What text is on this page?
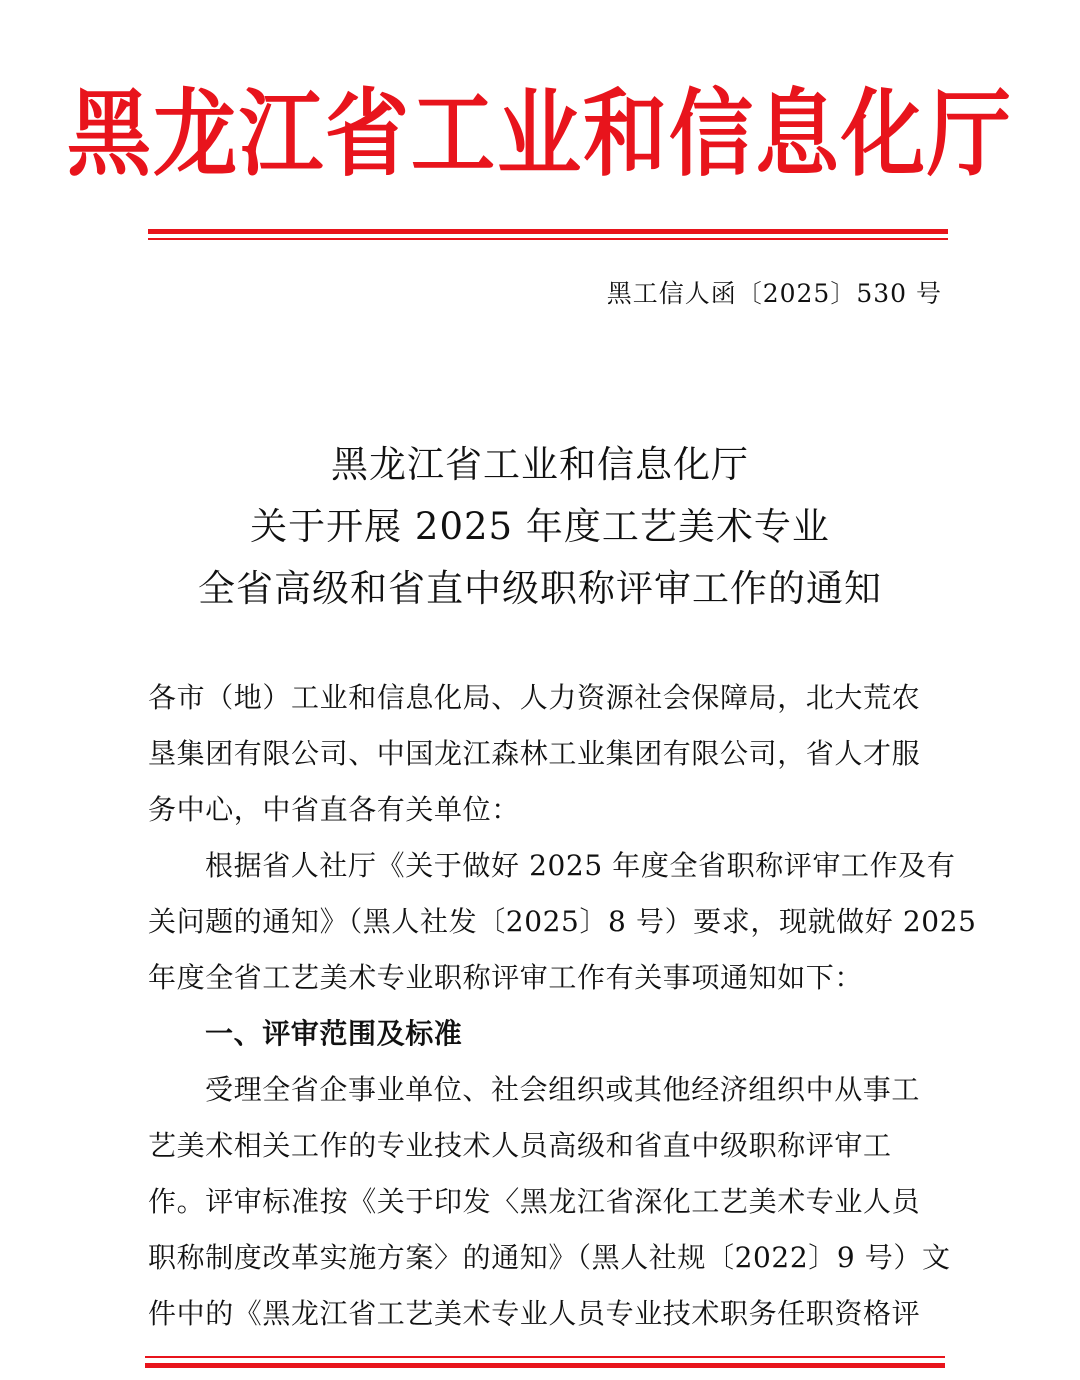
黑龙江省工业和信息化厅
黑工信人函〔2025〕530 号
黑龙江省工业和信息化厅
关于开展 2025 年度工艺美术专业
全省高级和省直中级职称评审工作的通知
各市（地）工业和信息化局、人力资源社会保障局，北大荒农
垦集团有限公司、中国龙江森林工业集团有限公司，省人才服
务中心，中省直各有关单位：
根据省人社厅《关于做好 2025 年度全省职称评审工作及有
关问题的通知》（黑人社发〔2025〕8 号）要求，现就做好 2025
年度全省工艺美术专业职称评审工作有关事项通知如下：
一、评审范围及标准
受理全省企事业单位、社会组织或其他经济组织中从事工
艺美术相关工作的专业技术人员高级和省直中级职称评审工
作。评审标准按《关于印发〈黑龙江省深化工艺美术专业人员
职称制度改革实施方案〉的通知》（黑人社规〔2022〕9 号）文
件中的《黑龙江省工艺美术专业人员专业技术职务任职资格评
